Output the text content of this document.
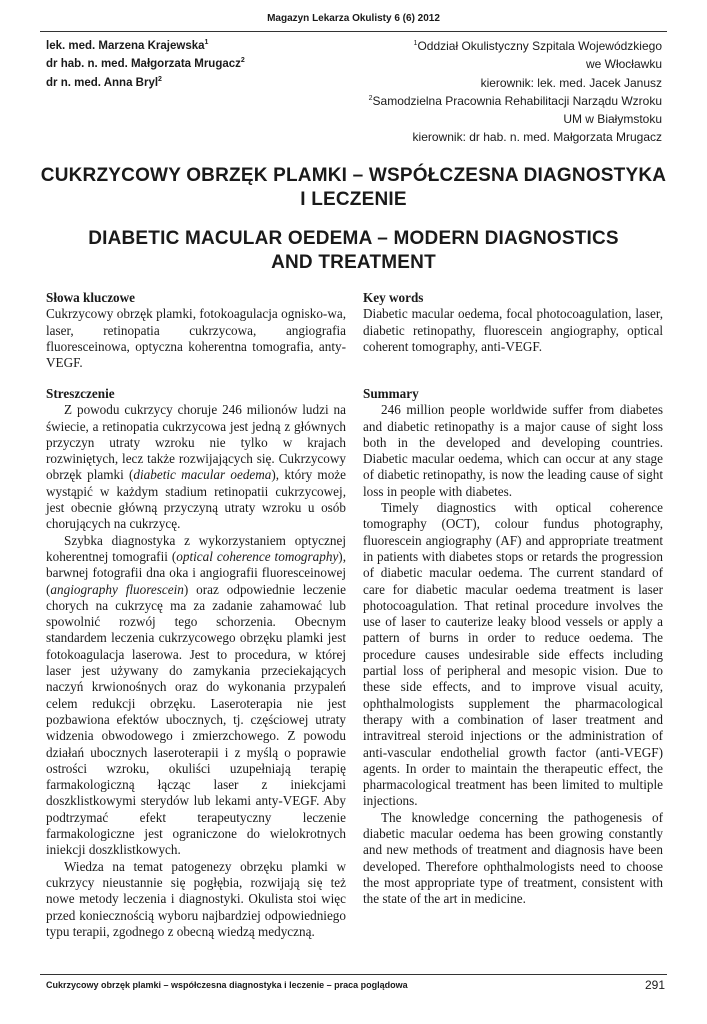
Magazyn Lekarza Okulisty 6 (6) 2012
lek. med. Marzena Krajewska$^1$
dr hab. n. med. Małgorzata Mrugacz$^2$
dr n. med. Anna Bryl$^2$
$^1$Oddział Okulistyczny Szpitala Wojewódzkiego
we Włocławku
kierownik: lek. med. Jacek Janusz
$^2$Samodzielna Pracownia Rehabilitacji Narządu Wzroku
UM w Białymstoku
kierownik: dr hab. n. med. Małgorzata Mrugacz
CUKRZYCOWY OBRZĘK PLAMKI – WSPÓŁCZESNA DIAGNOSTYKA
I LECZENIE
DIABETIC MACULAR OEDEMA – MODERN DIAGNOSTICS
AND TREATMENT
Słowa kluczowe

Cukrzycowy obrzęk plamki, fotokoagulacja ognisko-wa, laser, retinopatia cukrzycowa, angiografia fluoresceinowa, optyczna koherentna tomografia, anty-VEGF.

Key words

Diabetic macular oedema, focal photocoagulation, laser, diabetic retinopathy, fluorescein angiography, optical coherent tomography, anti-VEGF.

Streszczenie

Z powodu cukrzycy choruje 246 milionów ludzi na świecie, a retinopatia cukrzycowa jest jedną z głównych przyczyn utraty wzroku nie tylko w krajach rozwiniętych, lecz także rozwijających się. Cukrzycowy obrzęk plamki (diabetic macular oedema), który może wystąpić w każdym stadium retinopatii cukrzycowej, jest obecnie główną przyczyną utraty wzroku u osób chorujących na cukrzycę.

Szybka diagnostyka z wykorzystaniem optycznej koherentnej tomografii (optical coherence tomography), barwnej fotografii dna oka i angiografii fluoresceinowej (angiography fluorescein) oraz odpowiednie leczenie chorych na cukrzycę ma za zadanie zahamować lub spowolnić rozwój tego schorzenia. Obecnym standardem leczenia cukrzycowego obrzęku plamki jest fotokoagulacja laserowa. Jest to procedura, w której laser jest używany do zamykania przeciekających naczyń krwionośnych oraz do wykonania przypaleń celem redukcji obrzęku. Laseroterapia nie jest pozbawiona efektów ubocznych, tj. częściowej utraty widzenia obwodowego i zmierzchowego. Z powodu działań ubocznych laseroterapii i z myślą o poprawie ostrości wzroku, okuliści uzupełniają terapię farmakologiczną łącząc laser z iniekcjami doszklistkowymi sterydów lub lekami anty-VEGF. Aby podtrzymać efekt terapeutyczny leczenie farmakologiczne jest ograniczone do wielokrotnych iniekcji doszklistkowych.

Wiedza na temat patogenezy obrzęku plamki w cukrzycy nieustannie się pogłębia, rozwijają się też nowe metody leczenia i diagnostyki. Okulista stoi więc przed koniecznością wyboru najbardziej odpowiedniego typu terapii, zgodnego z obecną wiedzą medyczną.

Summary

246 million people worldwide suffer from diabetes and diabetic retinopathy is a major cause of sight loss both in the developed and developing countries. Diabetic macular oedema, which can occur at any stage of diabetic retinopathy, is now the leading cause of sight loss in people with diabetes.

Timely diagnostics with optical coherence tomography (OCT), colour fundus photography, fluorescein angiography (AF) and appropriate treatment in patients with diabetes stops or retards the progression of diabetic macular oedema. The current standard of care for diabetic macular oedema treatment is laser photocoagulation. That retinal procedure involves the use of laser to cauterize leaky blood vessels or apply a pattern of burns in order to reduce oedema. The procedure causes undesirable side effects including partial loss of peripheral and mesopic vision. Due to these side effects, and to improve visual acuity, ophthalmologists supplement the pharmacological therapy with a combination of laser treatment and intravitreal steroid injections or the administration of anti-vascular endothelial growth factor (anti-VEGF) agents. In order to maintain the therapeutic effect, the pharmacological treatment has been limited to multiple injections.

The knowledge concerning the pathogenesis of diabetic macular oedema has been growing constantly and new methods of treatment and diagnosis have been developed. Therefore ophthalmologists need to choose the most appropriate type of treatment, consistent with the state of the art in medicine.

Cukrzycowy obrzęk plamki – współczesna diagnostyka i leczenie – praca poglądowa	291
